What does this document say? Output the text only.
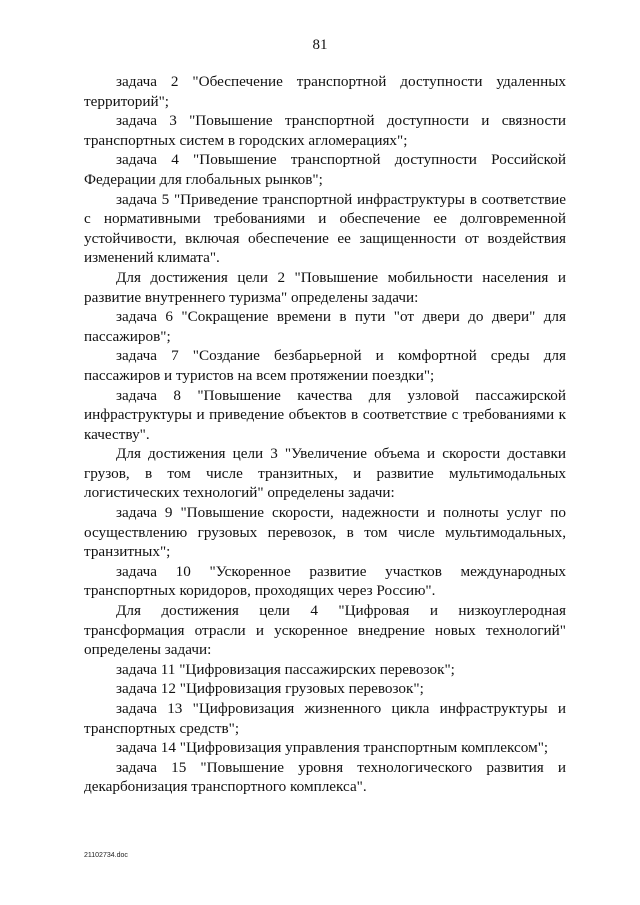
81

задача 2 "Обеспечение транспортной доступности удаленных территорий";

задача 3 "Повышение транспортной доступности и связности транспортных систем в городских агломерациях";

задача 4 "Повышение транспортной доступности Российской Федерации для глобальных рынков";

задача 5 "Приведение транспортной инфраструктуры в соответствие с нормативными требованиями и обеспечение ее долговременной устойчивости, включая обеспечение ее защищенности от воздействия изменений климата".

Для достижения цели 2 "Повышение мобильности населения и развитие внутреннего туризма" определены задачи:

задача 6 "Сокращение времени в пути "от двери до двери" для пассажиров";

задача 7 "Создание безбарьерной и комфортной среды для пассажиров и туристов на всем протяжении поездки";

задача 8 "Повышение качества для узловой пассажирской инфраструктуры и приведение объектов в соответствие с требованиями к качеству".

Для достижения цели 3 "Увеличение объема и скорости доставки грузов, в том числе транзитных, и развитие мультимодальных логистических технологий" определены задачи:

задача 9 "Повышение скорости, надежности и полноты услуг по осуществлению грузовых перевозок, в том числе мультимодальных, транзитных";

задача 10 "Ускоренное развитие участков международных транспортных коридоров, проходящих через Россию".

Для достижения цели 4 "Цифровая и низкоуглеродная трансформация отрасли и ускоренное внедрение новых технологий" определены задачи:

задача 11 "Цифровизация пассажирских перевозок";

задача 12 "Цифровизация грузовых перевозок";

задача 13 "Цифровизация жизненного цикла инфраструктуры и транспортных средств";

задача 14 "Цифровизация управления транспортным комплексом";

задача 15 "Повышение уровня технологического развития и декарбонизация транспортного комплекса".

21102734.doc
